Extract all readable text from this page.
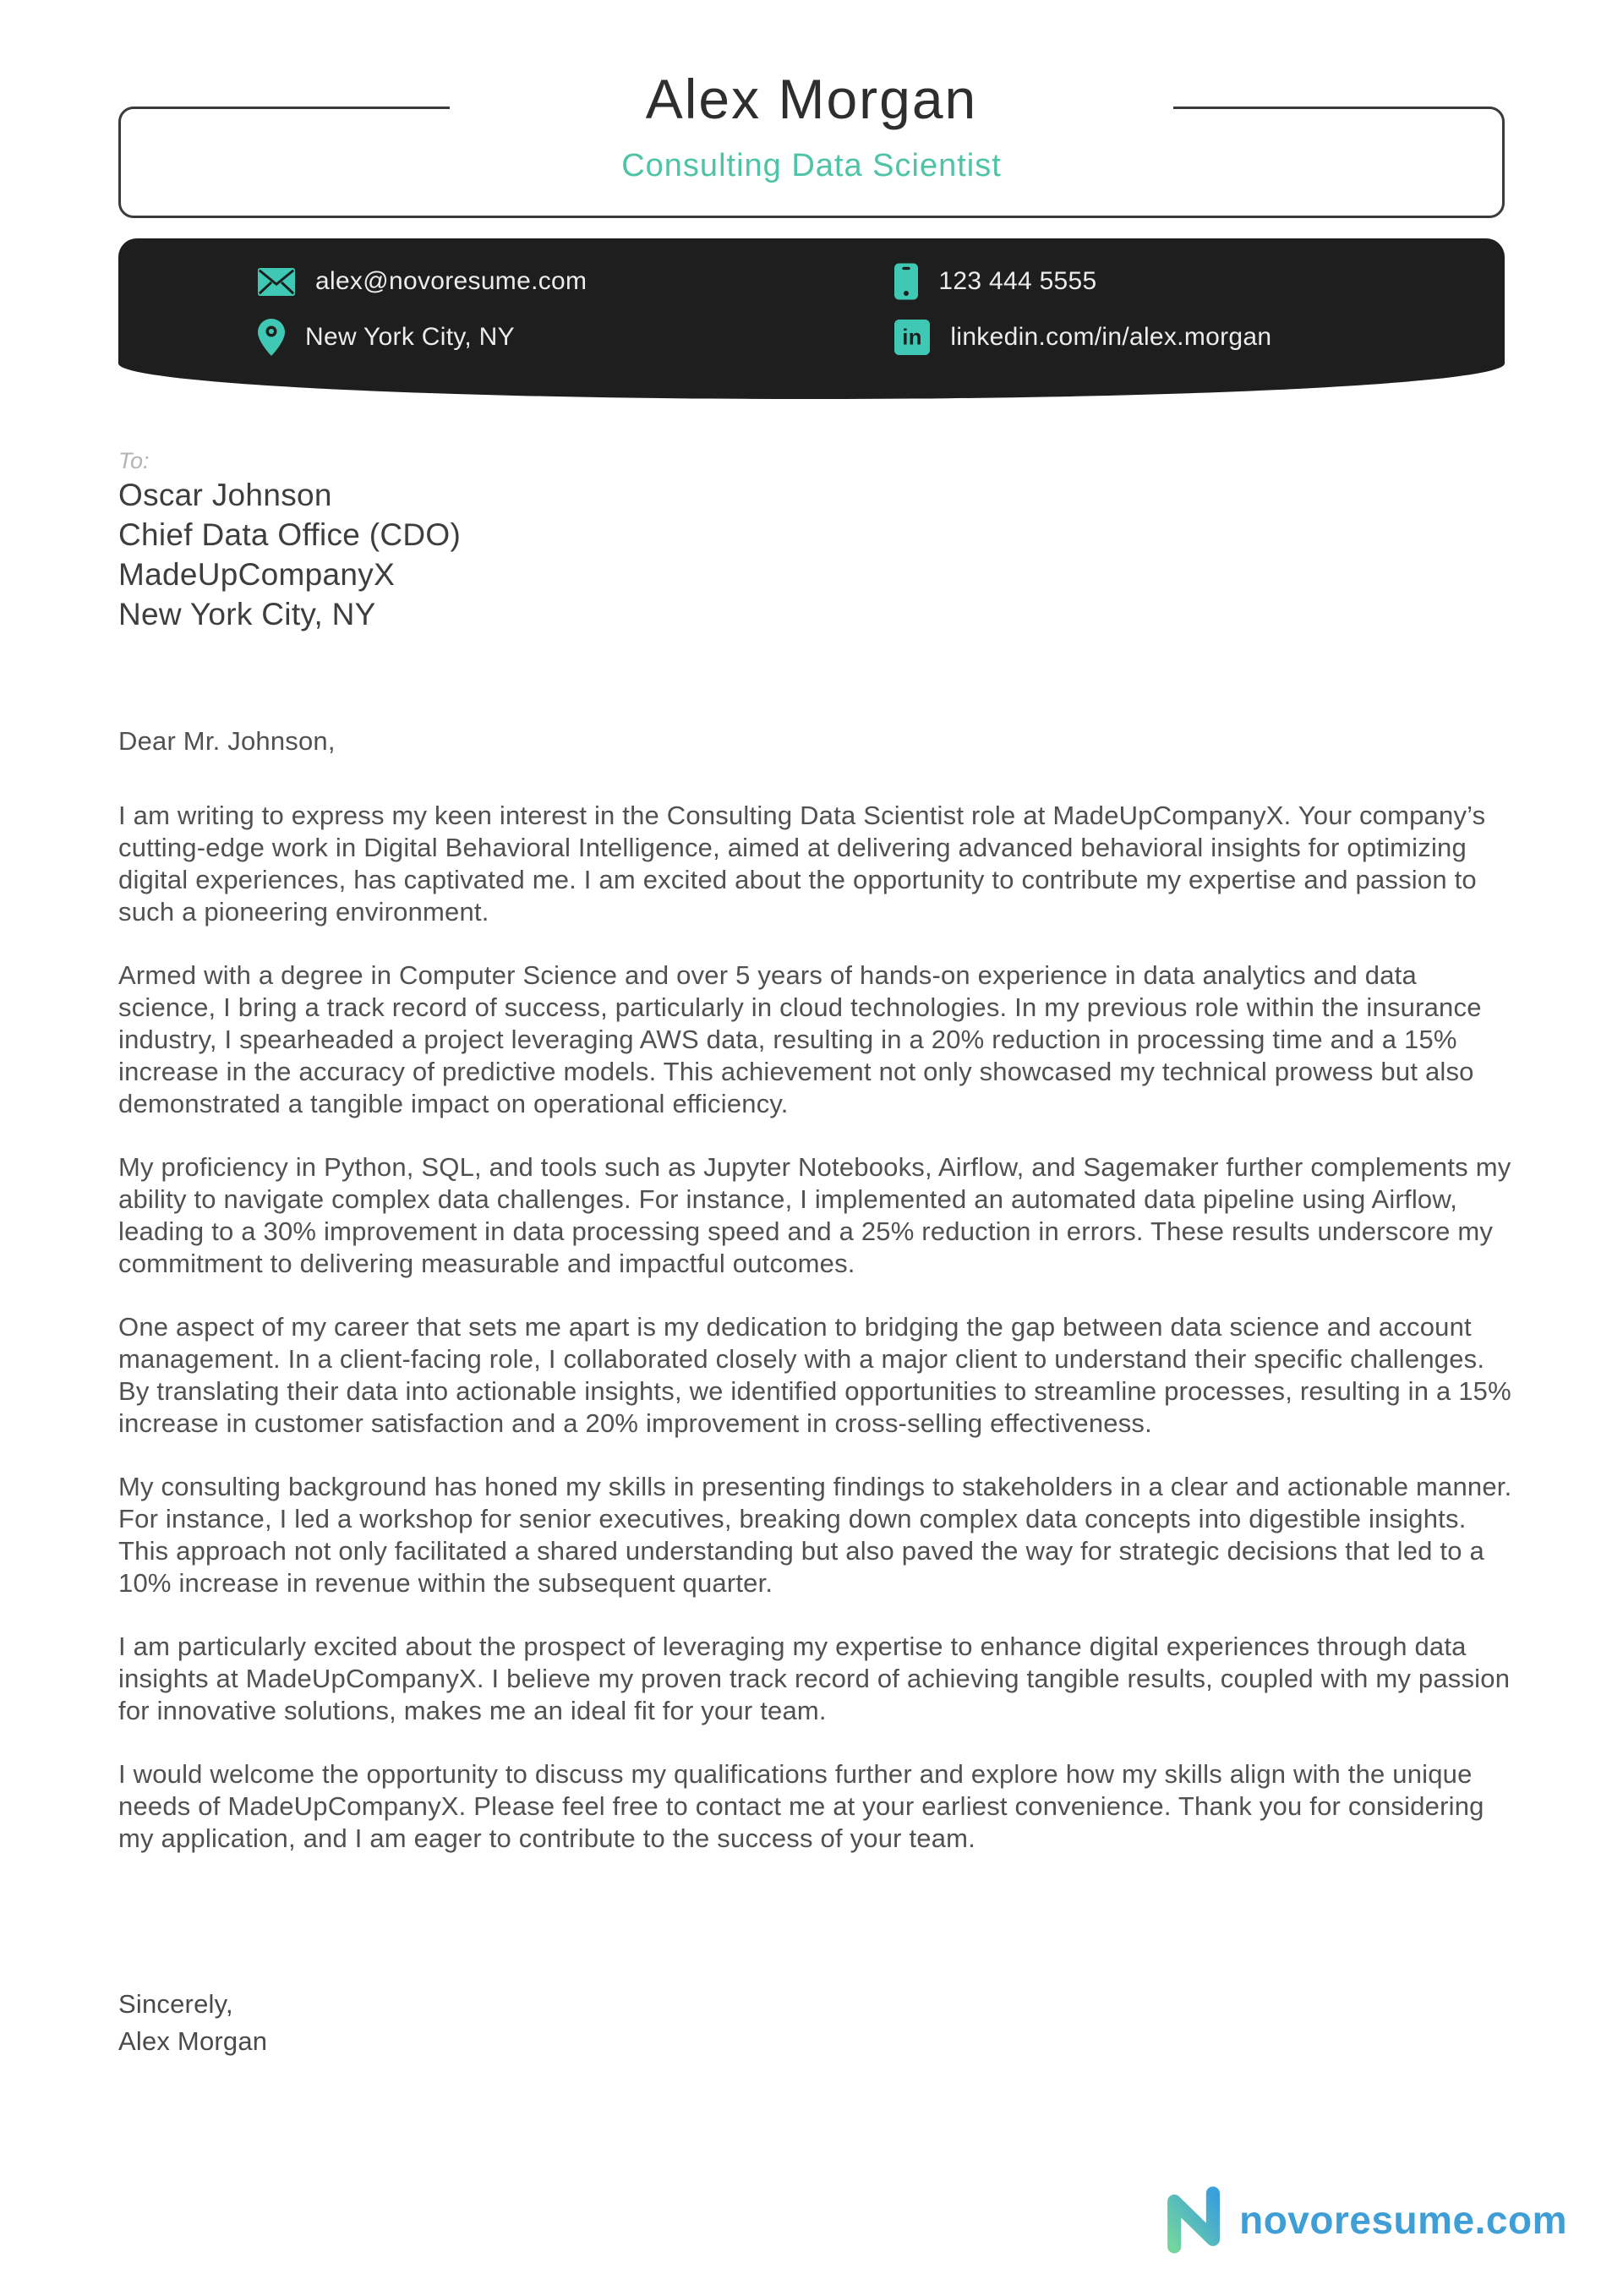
Alex Morgan
Consulting Data Scientist
alex@novoresume.com
New York City, NY
123 444 5555
in linkedin.com/in/alex.morgan
To:
Oscar Johnson
Chief Data Office (CDO)
MadeUpCompanyX
New York City, NY
Dear Mr. Johnson,

I am writing to express my keen interest in the Consulting Data Scientist role at MadeUpCompanyX. Your company’s cutting-edge work in Digital Behavioral Intelligence, aimed at delivering advanced behavioral insights for optimizing digital experiences, has captivated me. I am excited about the opportunity to contribute my expertise and passion to such a pioneering environment.

Armed with a degree in Computer Science and over 5 years of hands-on experience in data analytics and data science, I bring a track record of success, particularly in cloud technologies. In my previous role within the insurance industry, I spearheaded a project leveraging AWS data, resulting in a 20% reduction in processing time and a 15% increase in the accuracy of predictive models. This achievement not only showcased my technical prowess but also demonstrated a tangible impact on operational efficiency.

My proficiency in Python, SQL, and tools such as Jupyter Notebooks, Airflow, and Sagemaker further complements my ability to navigate complex data challenges. For instance, I implemented an automated data pipeline using Airflow, leading to a 30% improvement in data processing speed and a 25% reduction in errors. These results underscore my commitment to delivering measurable and impactful outcomes.

One aspect of my career that sets me apart is my dedication to bridging the gap between data science and account management. In a client-facing role, I collaborated closely with a major client to understand their specific challenges. By translating their data into actionable insights, we identified opportunities to streamline processes, resulting in a 15% increase in customer satisfaction and a 20% improvement in cross-selling effectiveness.

My consulting background has honed my skills in presenting findings to stakeholders in a clear and actionable manner. For instance, I led a workshop for senior executives, breaking down complex data concepts into digestible insights. This approach not only facilitated a shared understanding but also paved the way for strategic decisions that led to a 10% increase in revenue within the subsequent quarter.

I am particularly excited about the prospect of leveraging my expertise to enhance digital experiences through data insights at MadeUpCompanyX. I believe my proven track record of achieving tangible results, coupled with my passion for innovative solutions, makes me an ideal fit for your team.

I would welcome the opportunity to discuss my qualifications further and explore how my skills align with the unique needs of MadeUpCompanyX. Please feel free to contact me at your earliest convenience. Thank you for considering my application, and I am eager to contribute to the success of your team.

Sincerely,
Alex Morgan
novoresume.com
